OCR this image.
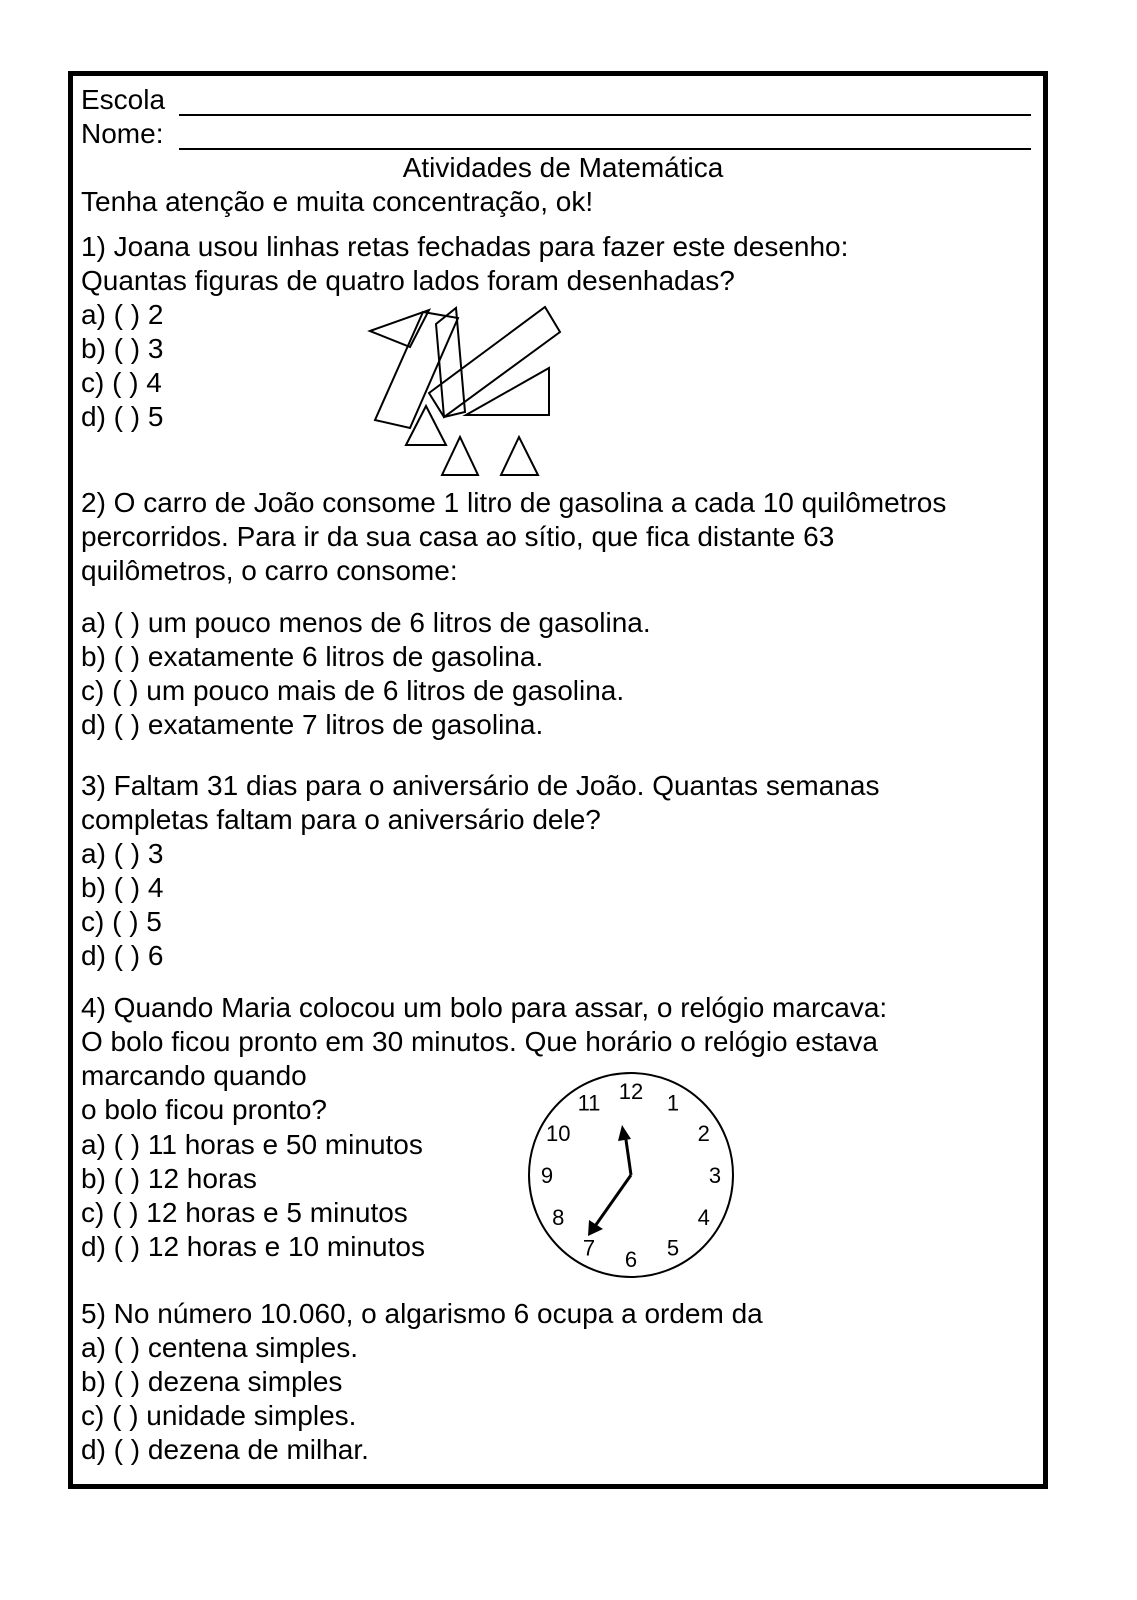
Escola
Nome:
Atividades de Matemática
Tenha atenção e muita concentração, ok!
1) Joana usou linhas retas fechadas para fazer este desenho:
Quantas figuras de quatro lados foram desenhadas?
a) ( ) 2
b) ( ) 3
c) ( ) 4
d) ( ) 5
2) O carro de João consome 1 litro de gasolina a cada 10 quilômetros
percorridos. Para ir da sua casa ao sítio, que fica distante 63
quilômetros, o carro consome:
a) ( ) um pouco menos de 6 litros de gasolina.
b) ( ) exatamente 6 litros de gasolina.
c) ( ) um pouco mais de 6 litros de gasolina.
d) ( ) exatamente 7 litros de gasolina.
3) Faltam 31 dias para o aniversário de João. Quantas semanas
completas faltam para o aniversário dele?
a) ( ) 3
b) ( ) 4
c) ( ) 5
d) ( ) 6
4) Quando Maria colocou um bolo para assar, o relógio marcava:
O bolo ficou pronto em 30 minutos. Que horário o relógio estava
marcando quando
o bolo ficou pronto?
a) ( ) 11 horas e 50 minutos
b) ( ) 12 horas
c) ( ) 12 horas e 5 minutos
d) ( ) 12 horas e 10 minutos
12 1
2
3
4
5
6
7
8
9
10
11
5) No número 10.060, o algarismo 6 ocupa a ordem da
a) ( ) centena simples.
b) ( ) dezena simples
c) ( ) unidade simples.
d) ( ) dezena de milhar.
